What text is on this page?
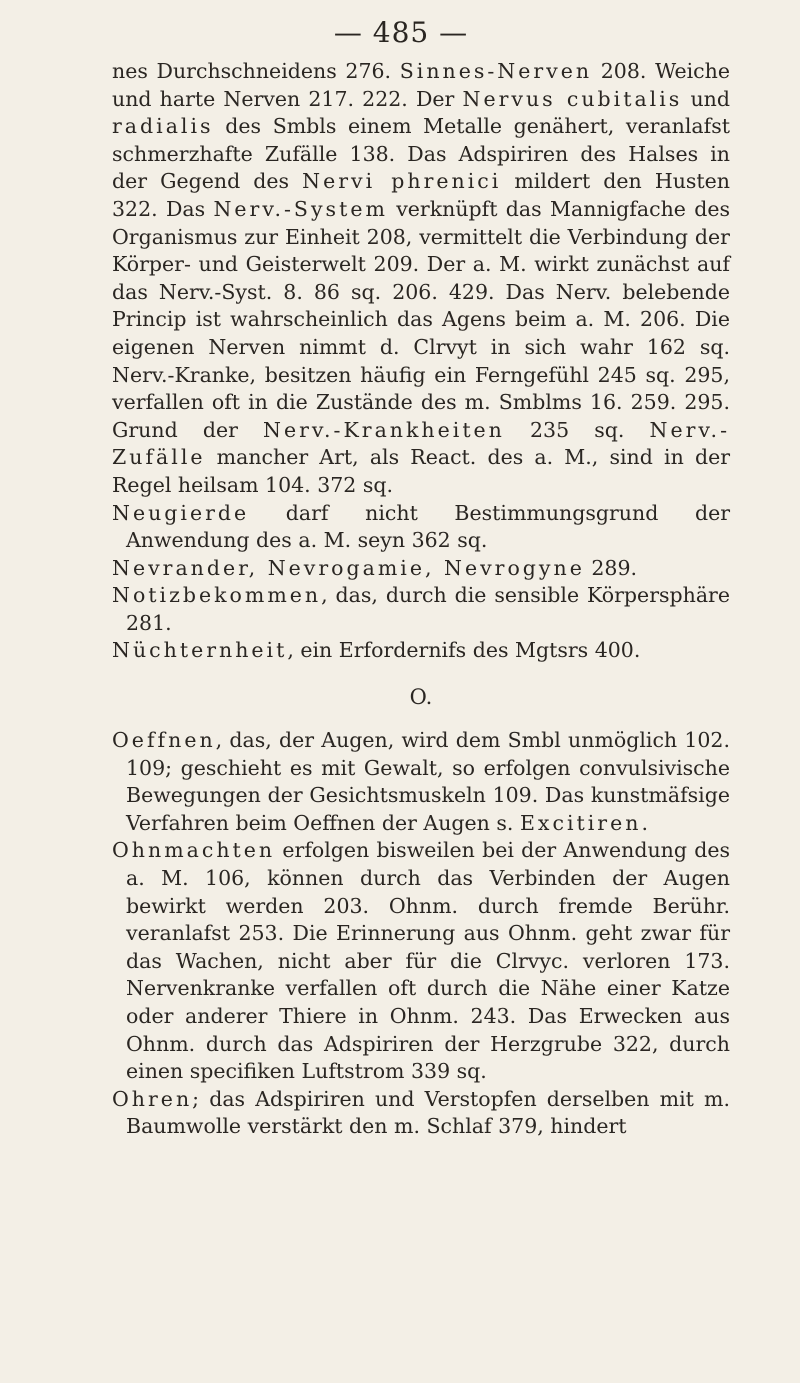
— 485 —

nes Durchschneidens 276. Sinnes-Nerven 208. Weiche und harte Nerven 217. 222. Der Nervus cubitalis und radialis des Smbls einem Metalle genähert, veranlafst schmerzhafte Zufälle 138. Das Adspiriren des Halses in der Gegend des Nervi phrenici mildert den Husten 322. Das Nerv.-System verknüpft das Mannigfache des Organismus zur Einheit 208, vermittelt die Verbindung der Körper- und Geisterwelt 209. Der a. M. wirkt zunächst auf das Nerv.-Syst. 8. 86 sq. 206. 429. Das Nerv. belebende Princip ist wahrscheinlich das Agens beim a. M. 206. Die eigenen Nerven nimmt d. Clrvyt in sich wahr 162 sq. Nerv.-Kranke, besitzen häufig ein Ferngefühl 245 sq. 295, verfallen oft in die Zustände des m. Smblms 16. 259. 295. Grund der Nerv.-Krankheiten 235 sq. Nerv.-Zufälle mancher Art, als React. des a. M., sind in der Regel heilsam 104. 372 sq.

Neugierde darf nicht Bestimmungsgrund der Anwendung des a. M. seyn 362 sq.

Nevrander, Nevrogamie, Nevrogyne 289.

Notizbekommen, das, durch die sensible Körpersphäre 281.

Nüchternheit, ein Erfordernifs des Mgtsrs 400.

O.

Oeffnen, das, der Augen, wird dem Smbl unmöglich 102. 109; geschieht es mit Gewalt, so erfolgen convulsivische Bewegungen der Gesichtsmuskeln 109. Das kunstmäfsige Verfahren beim Oeffnen der Augen s. Excitiren.

Ohnmachten erfolgen bisweilen bei der Anwendung des a. M. 106, können durch das Verbinden der Augen bewirkt werden 203. Ohnm. durch fremde Berühr. veranlafst 253. Die Erinnerung aus Ohnm. geht zwar für das Wachen, nicht aber für die Clrvyc. verloren 173. Nervenkranke verfallen oft durch die Nähe einer Katze oder anderer Thiere in Ohnm. 243. Das Erwecken aus Ohnm. durch das Adspiriren der Herzgrube 322, durch einen specifiken Luftstrom 339 sq.

Ohren; das Adspiriren und Verstopfen derselben mit m. Baumwolle verstärkt den m. Schlaf 379, hindert
